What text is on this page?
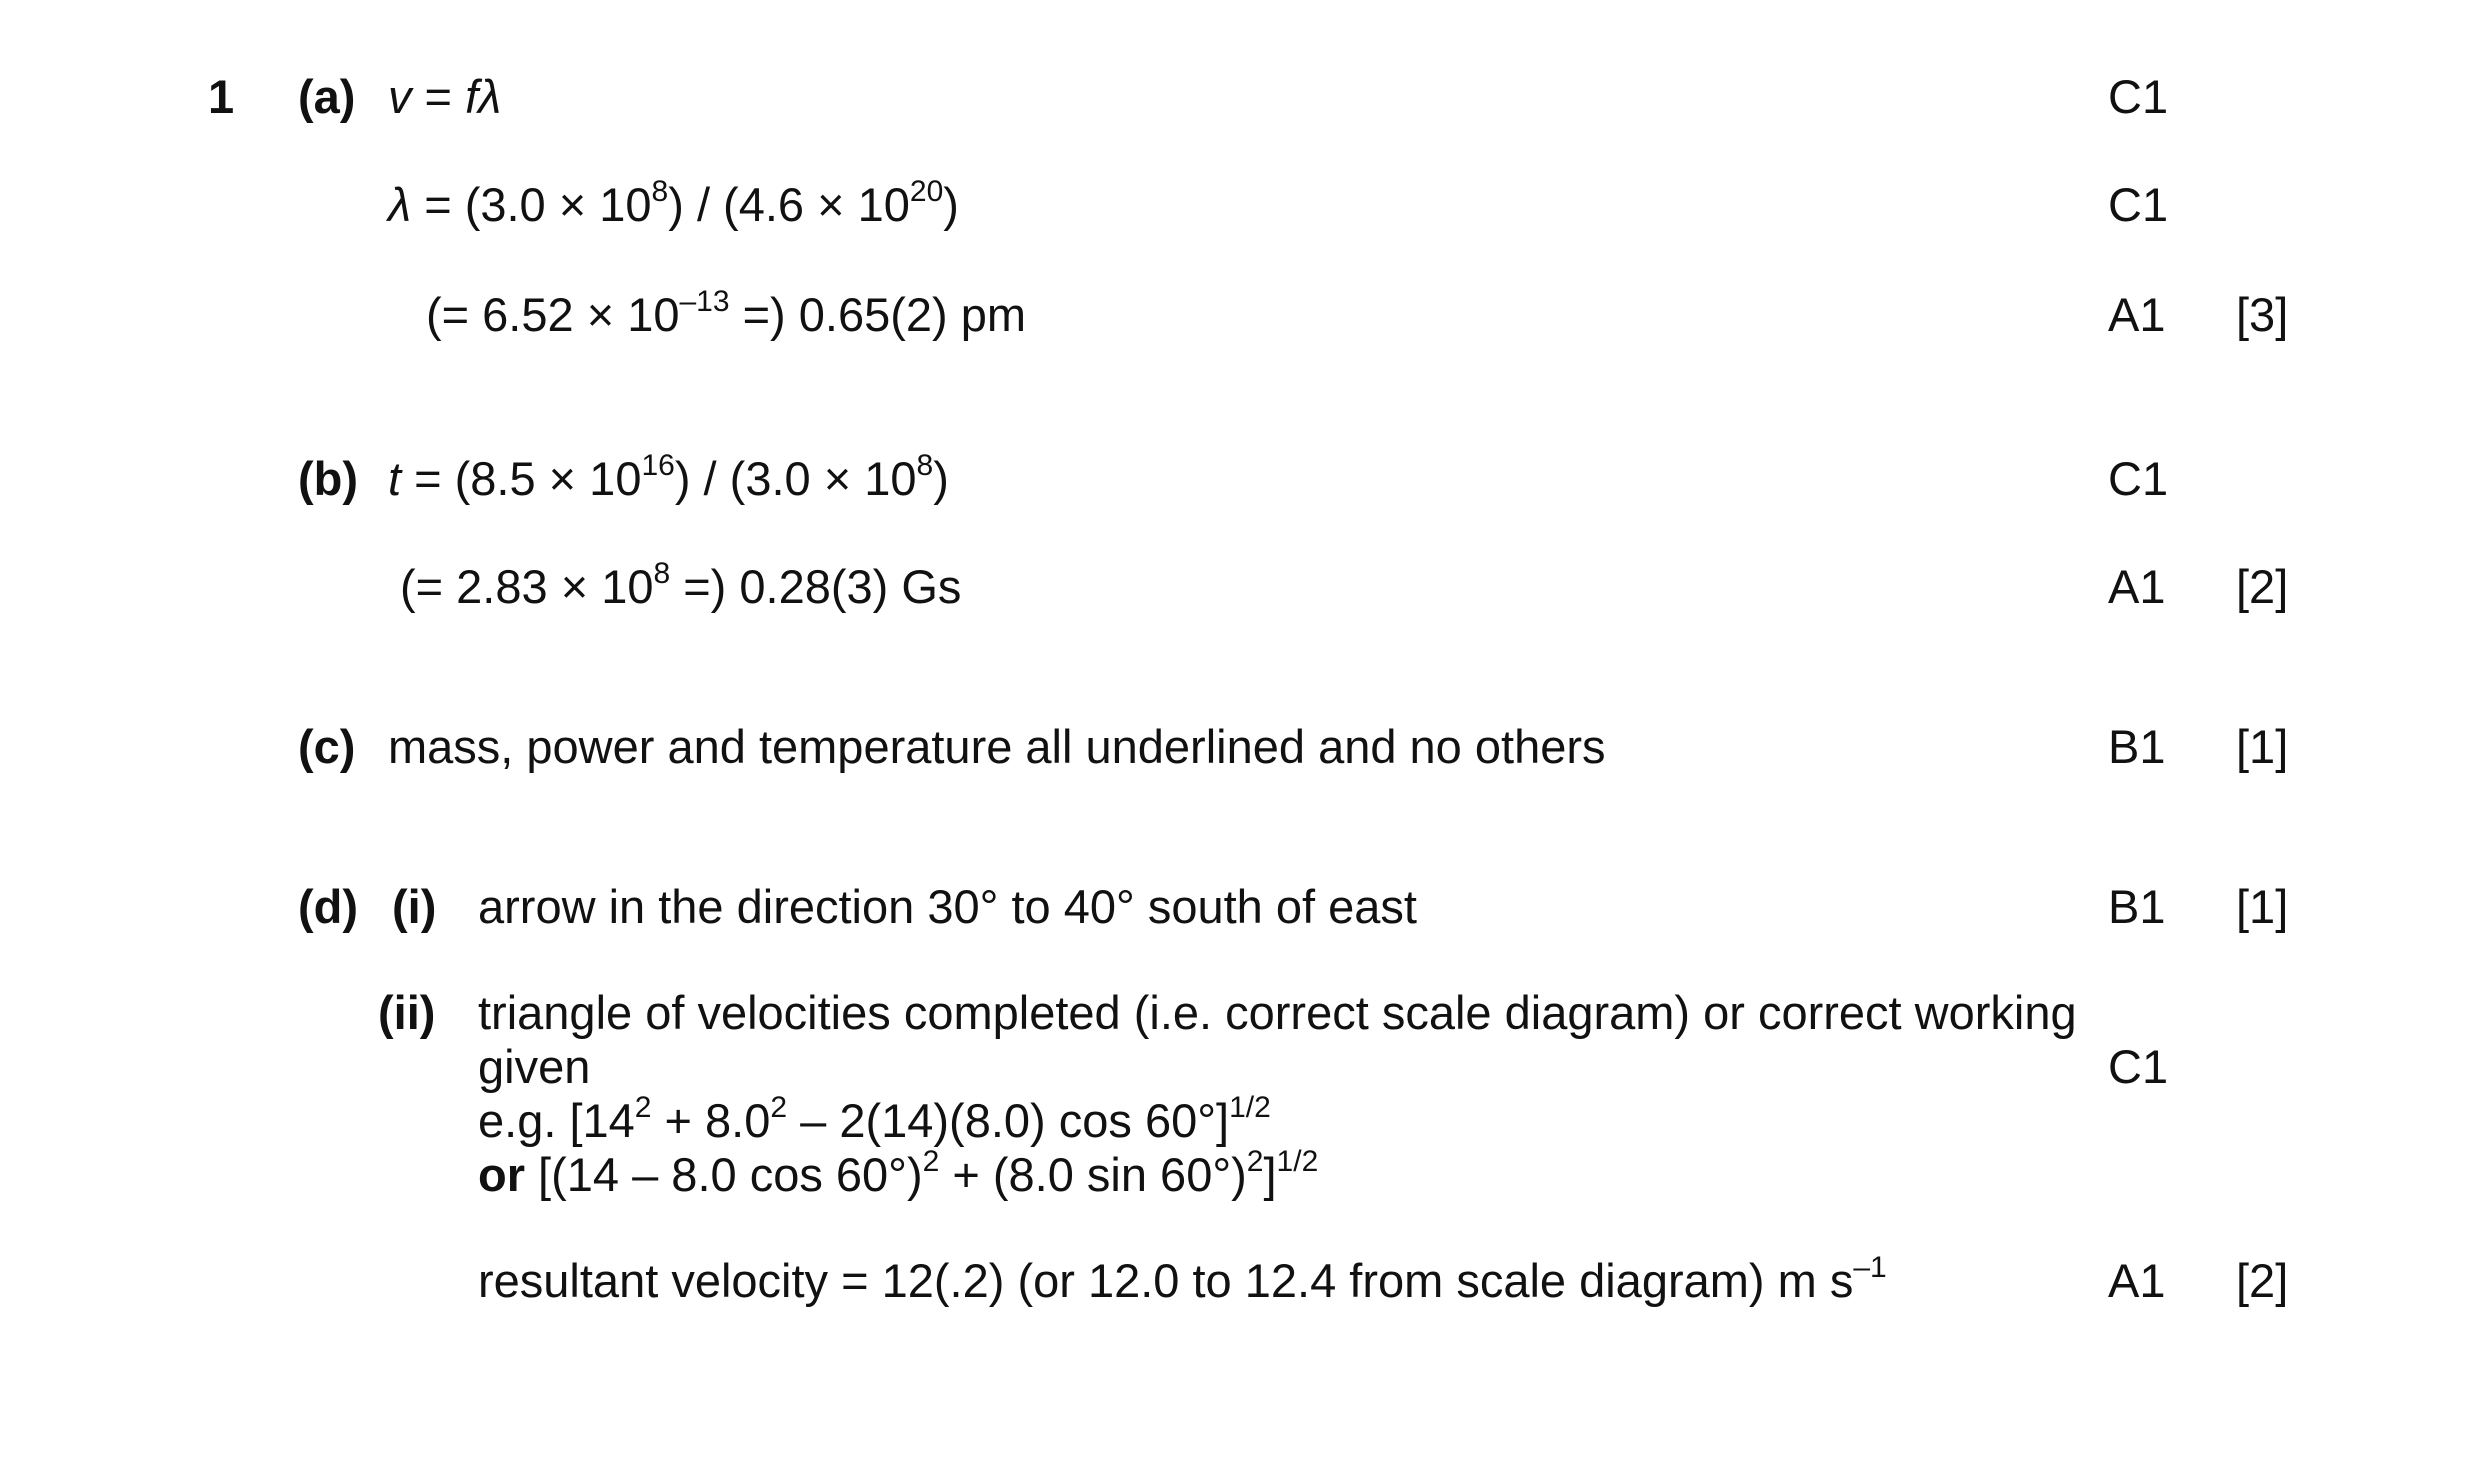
1 (a) v = fλ	C1
$\lambda = (3.0 \times 10^8) / (4.6 \times 10^{20})$	C1
(= $6.52 \times 10^{-13}$ =) 0.65(2) pm	A1 [3]
(b) $t = (8.5 \times 10^{16}) / (3.0 \times 10^8)$	C1
(= $2.83 \times 10^8$ =) 0.28(3) Gs	A1 [2]
(c) mass, power and temperature all underlined and no others	B1 [1]
(d) (i) arrow in the direction 30° to 40° south of east	B1 [1]
(ii) triangle of velocities completed (i.e. correct scale diagram) or correct working
given	C1
e.g. [$14^2 + 8.0^2 - 2(14)(8.0)$ cos 60°]$^{1/2}$
or [(14 – 8.0 cos 60°)$^2$ + (8.0 sin 60°)$^2$]$^{1/2}$
resultant velocity = 12(.2) (or 12.0 to 12.4 from scale diagram) m $s^{-1}$	A1 [2]
